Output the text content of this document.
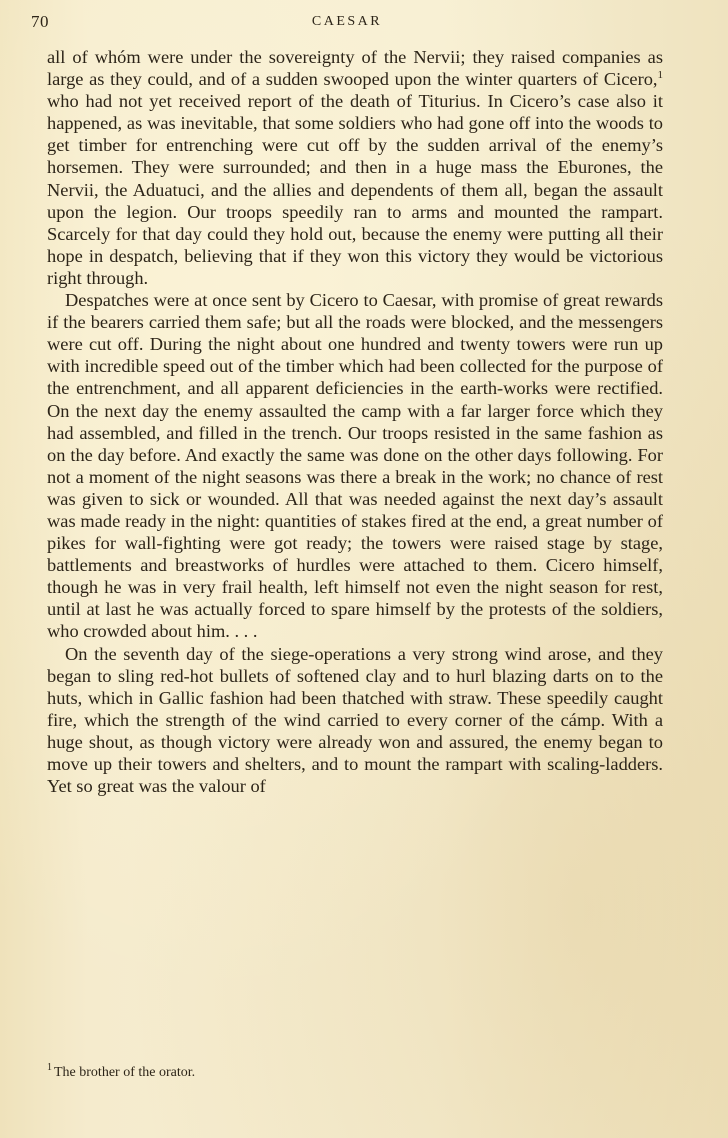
70	CAESAR

all of whóm were under the sovereignty of the Nervii; they raised companies as large as they could, and of a sudden swooped upon the winter quarters of Cicero,$^1$ who had not yet received report of the death of Titurius. In Cicero’s case also it happened, as was inevitable, that some soldiers who had gone off into the woods to get timber for entrenching were cut off by the sudden arrival of the enemy’s horsemen. They were surrounded; and then in a huge mass the Eburones, the Nervii, the Aduatuci, and the allies and dependents of them all, began the assault upon the legion. Our troops speedily ran to arms and mounted the rampart. Scarcely for that day could they hold out, because the enemy were putting all their hope in despatch, believing that if they won this victory they would be victorious right through.

Despatches were at once sent by Cicero to Caesar, with promise of great rewards if the bearers carried them safe; but all the roads were blocked, and the messengers were cut off. During the night about one hundred and twenty towers were run up with incredible speed out of the timber which had been collected for the purpose of the entrenchment, and all apparent deficiencies in the earth-works were rectified. On the next day the enemy assaulted the camp with a far larger force which they had assembled, and filled in the trench. Our troops resisted in the same fashion as on the day before. And exactly the same was done on the other days following. For not a moment of the night seasons was there a break in the work; no chance of rest was given to sick or wounded. All that was needed against the next day’s assault was made ready in the night: quantities of stakes fired at the end, a great number of pikes for wall-fighting were got ready; the towers were raised stage by stage, battlements and breastworks of hurdles were attached to them. Cicero himself, though he was in very frail health, left himself not even the night season for rest, until at last he was actually forced to spare himself by the protests of the soldiers, who crowded about him. . . .

On the seventh day of the siege-operations a very strong wind arose, and they began to sling red-hot bullets of softened clay and to hurl blazing darts on to the huts, which in Gallic fashion had been thatched with straw. These speedily caught fire, which the strength of the wind carried to every corner of the cámp. With a huge shout, as though victory were already won and assured, the enemy began to move up their towers and shelters, and to mount the rampart with scaling-ladders. Yet so great was the valour of

$^1$ The brother of the orator.
